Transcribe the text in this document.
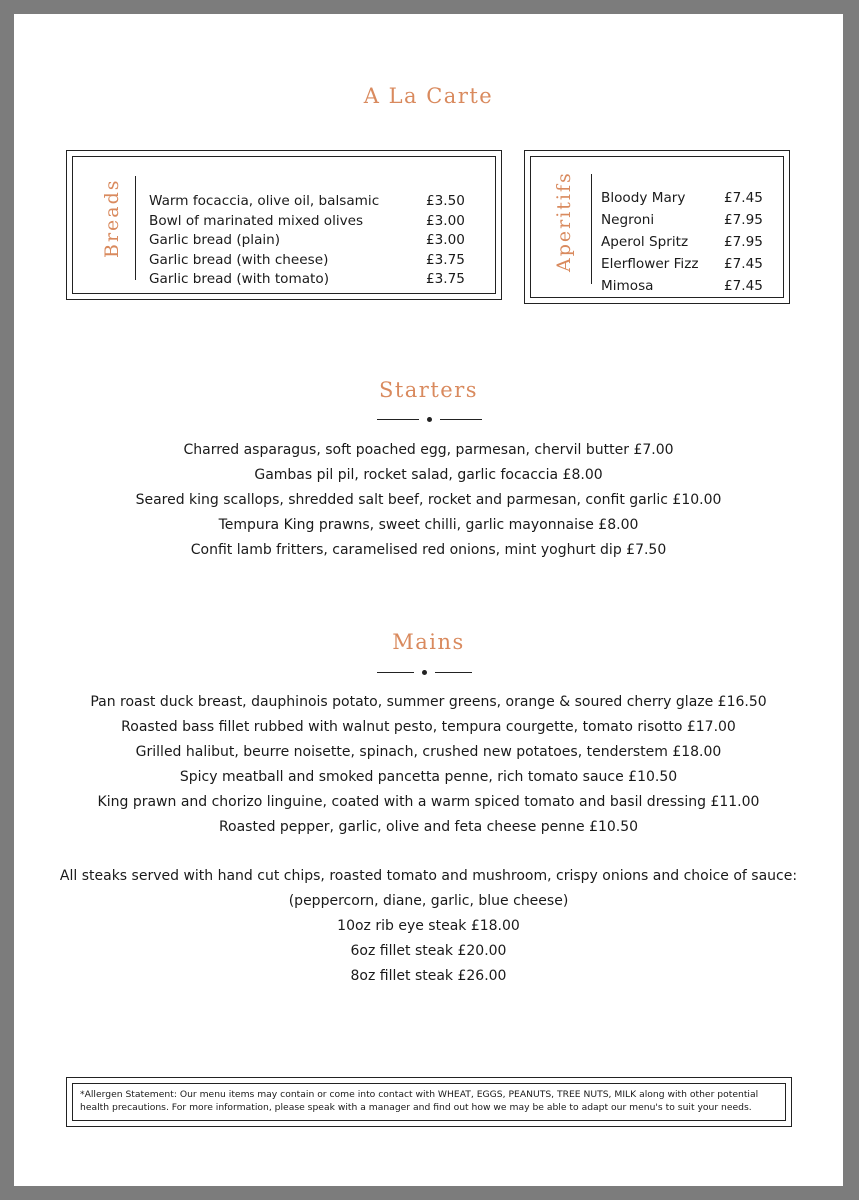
A La Carte
Breads Warm focaccia, olive oil, balsamic	£3.50
Bowl of marinated mixed olives	£3.00
Garlic bread (plain)	£3.00
Garlic bread (with cheese)	£3.75
Garlic bread (with tomato)	£3.75
Aperitifs Bloody Mary	£7.45
Negroni	£7.95
Aperol Spritz	£7.95
Elerflower Fizz £7.45
Mimosa	£7.45
Starters
Charred asparagus, soft poached egg, parmesan, chervil butter £7.00
Gambas pil pil, rocket salad, garlic focaccia £8.00
Seared king scallops, shredded salt beef, rocket and parmesan, confit garlic £10.00
Tempura King prawns, sweet chilli, garlic mayonnaise £8.00
Confit lamb fritters, caramelised red onions, mint yoghurt dip £7.50
Mains
Pan roast duck breast, dauphinois potato, summer greens, orange & soured cherry glaze £16.50
Roasted bass fillet rubbed with walnut pesto, tempura courgette, tomato risotto £17.00
Grilled halibut, beurre noisette, spinach, crushed new potatoes, tenderstem £18.00
Spicy meatball and smoked pancetta penne, rich tomato sauce £10.50
King prawn and chorizo linguine, coated with a warm spiced tomato and basil dressing £11.00
Roasted pepper, garlic, olive and feta cheese penne £10.50
All steaks served with hand cut chips, roasted tomato and mushroom, crispy onions and choice of sauce:
(peppercorn, diane, garlic, blue cheese)
10oz rib eye steak £18.00
6oz fillet steak £20.00
8oz fillet steak £26.00
*Allergen Statement: Our menu items may contain or come into contact with WHEAT, EGGS, PEANUTS, TREE NUTS, MILK along with other potential
health precautions. For more information, please speak with a manager and find out how we may be able to adapt our menu's to suit your needs.
